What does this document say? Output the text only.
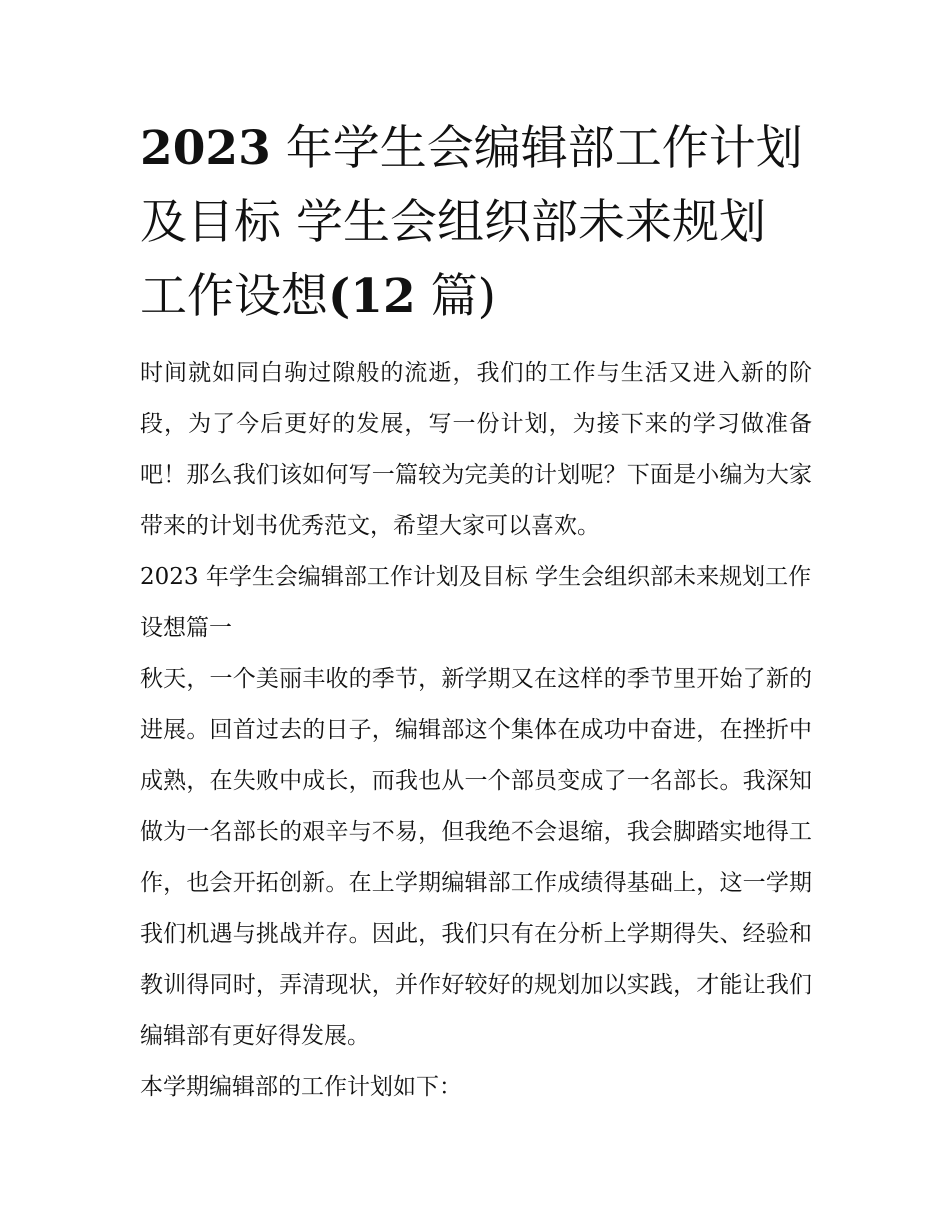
2023 年学生会编辑部工作计划及目标 学生会组织部未来规划工作设想(12 篇)

时间就如同白驹过隙般的流逝，我们的工作与生活又进入新的阶段，为了今后更好的发展，写一份计划，为接下来的学习做准备吧！那么我们该如何写一篇较为完美的计划呢？下面是小编为大家带来的计划书优秀范文，希望大家可以喜欢。

2023 年学生会编辑部工作计划及目标 学生会组织部未来规划工作设想篇一

秋天，一个美丽丰收的季节，新学期又在这样的季节里开始了新的进展。回首过去的日子，编辑部这个集体在成功中奋进，在挫折中成熟，在失败中成长，而我也从一个部员变成了一名部长。我深知做为一名部长的艰辛与不易，但我绝不会退缩，我会脚踏实地得工作，也会开拓创新。在上学期编辑部工作成绩得基础上，这一学期我们机遇与挑战并存。因此，我们只有在分析上学期得失、经验和教训得同时，弄清现状，并作好较好的规划加以实践，才能让我们编辑部有更好得发展。

本学期编辑部的工作计划如下：
